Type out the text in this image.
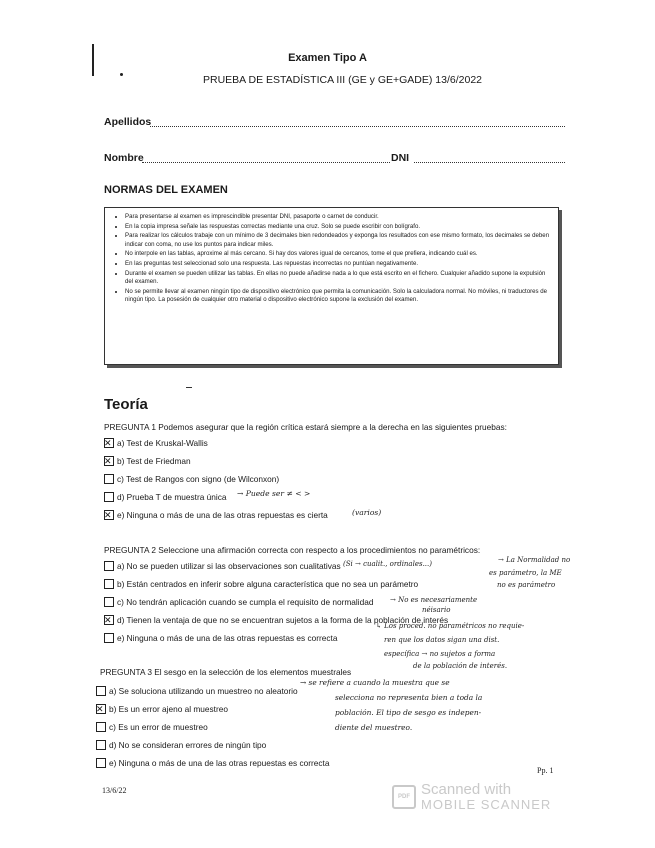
Examen Tipo A
PRUEBA DE ESTADÍSTICA III (GE y GE+GADE) 13/6/2022
Apellidos
Nombre	DNI
NORMAS DEL EXAMEN
• Para presentarse al examen es imprescindible presentar DNI, pasaporte o carnet de conducir.
• En la copia impresa señale las respuestas correctas mediante una cruz. Solo se puede escribir con bolígrafo.
• Para realizar los cálculos trabaje con un mínimo de 3 decimales bien redondeados y exponga los resultados con ese mismo formato, los decimales se deben indicar con coma, no use los puntos para indicar miles.
• No interpole en las tablas, aproxime al más cercano. Si hay dos valores igual de cercanos, tome el que prefiera, indicando cuál es.
• En las preguntas test seleccionad solo una respuesta. Las repuestas incorrectas no puntúan negativamente.
• Durante el examen se pueden utilizar las tablas. En ellas no puede añadirse nada a lo que está escrito en el fichero. Cualquier añadido supone la expulsión del examen.
• No se permite llevar al examen ningún tipo de dispositivo electrónico que permita la comunicación. Solo la calculadora normal. No móviles, ni traductores de ningún tipo. La posesión de cualquier otro material o dispositivo electrónico supone la exclusión del examen.
Teoría
PREGUNTA 1 Podemos asegurar que la región crítica estará siempre a la derecha en las siguientes pruebas:
✕
a) Test de Kruskal-Wallis
✕
b) Test de Friedman
c) Test de Rangos con signo (de Wilconxon)
d) Prueba T de muestra única
✕
e) Ninguna o más de una de las otras repuestas es cierta
→ Puede ser ≠ < >
(varios)
PREGUNTA 2 Seleccione una afirmación correcta con respecto a los procedimientos no paramétricos:
a) No se pueden utilizar si las observaciones son cualitativas
b) Están centrados en inferir sobre alguna característica que no sea un parámetro
c) No tendrán aplicación cuando se cumpla el requisito de normalidad
✕
d) Tienen la ventaja de que no se encuentran sujetos a la forma de la población de interés
e) Ninguna o más de una de las otras repuestas es correcta
(Si → cualit., ordinales...)	→ La Normalidad no
es parámetro, la ME
no es parámetro
→ No es necesariamente
néisario
↳ Los proced. no paramétricos no requie-
ren que los datos sigan una dist.
específica → no sujetos a forma
de la población de interés.
PREGUNTA 3 El sesgo en la selección de los elementos muestrales
a) Se soluciona utilizando un muestreo no aleatorio
✕
b) Es un error ajeno al muestreo
c) Es un error de muestreo
d) No se consideran errores de ningún tipo
e) Ninguna o más de una de las otras repuestas es correcta
→ se refiere a cuando la muestra que se
selecciona no representa bien a toda la
población. El tipo de sesgo es indepen-
diente del muestreo.
Pp. 1
13/6/22
PDF Scanned with
MOBILE SCANNER
